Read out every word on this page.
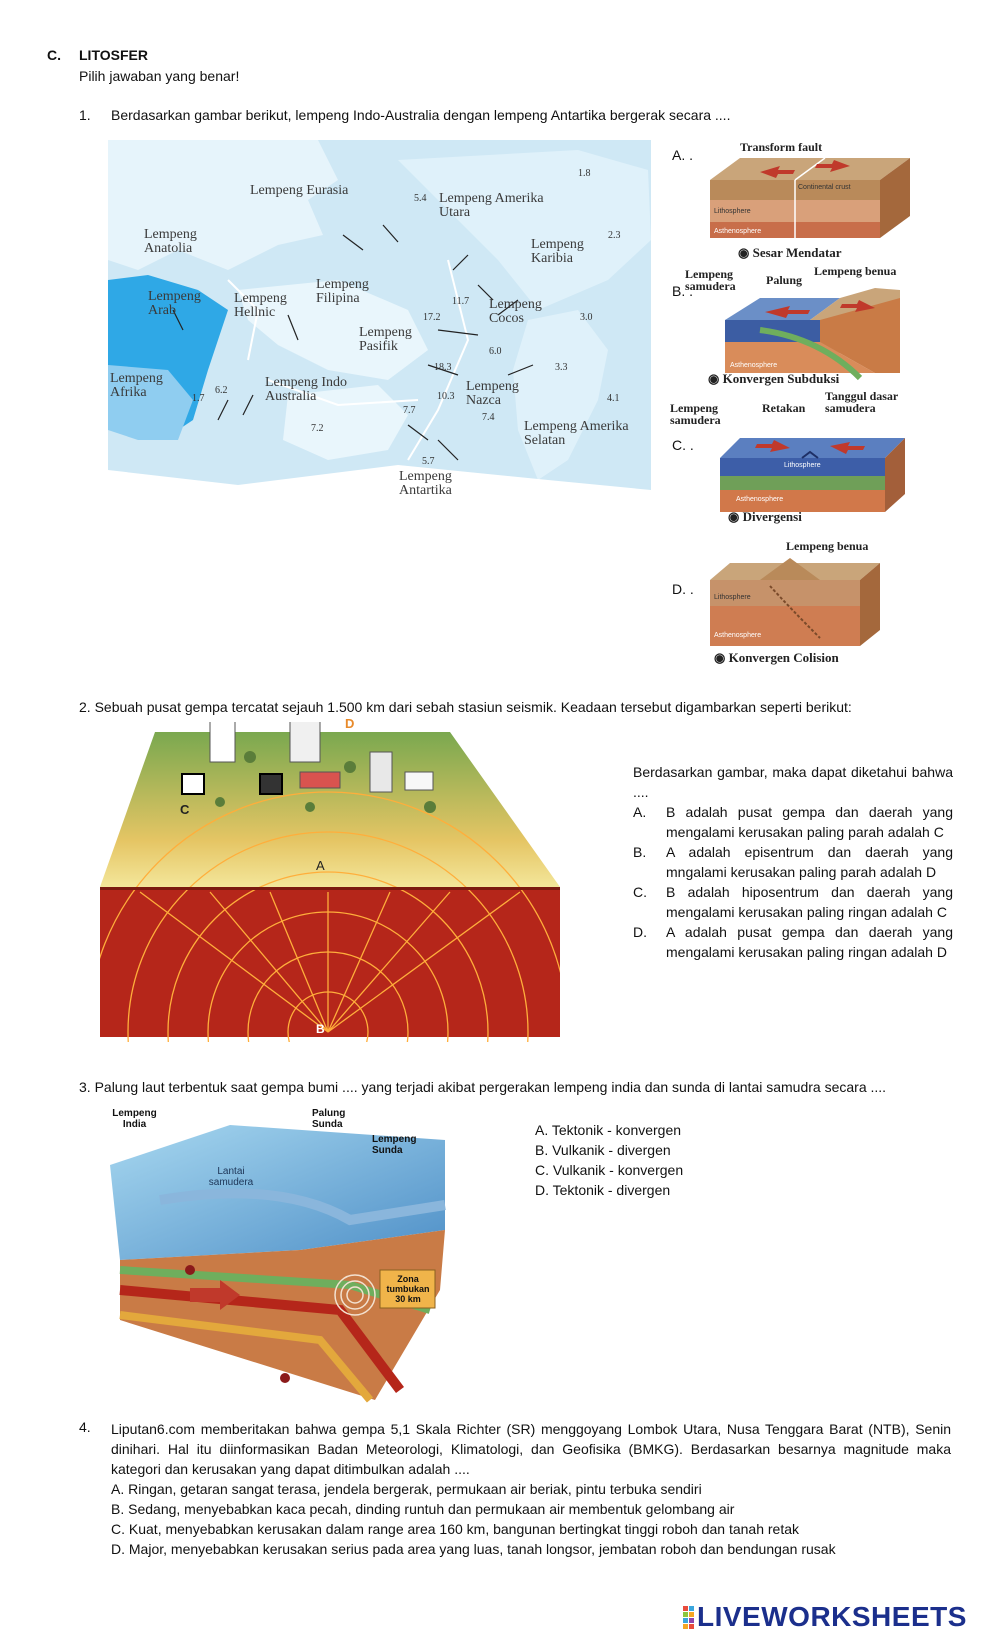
C. LITOSFER
Pilih jawaban yang benar!
1. Berdasarkan gambar berikut, lempeng Indo-Australia dengan lempeng Antartika bergerak secara ....
Lempeng Eurasia
Lempeng Anatolia
Lempeng Arab
Lempeng Hellnic
Lempeng Filipina
Lempeng Amerika Utara
Lempeng Karibia
Lempeng Cocos
Lempeng Pasifik
Lempeng Afrika
Lempeng Indo Australia
Lempeng Nazca
Lempeng Amerika Selatan
Lempeng Antartika
1.8
5.4
2.3
3.0
11.7
17.2
6.0
18.3	3.3
10.3	4.1
7.7
7.4
7.2
5.7
6.2
1.7
A. .	Transform fault
Continental crust
Lithosphere
Asthenosphere
◉ Sesar Mendatar
B. .
Lempeng samudera	Palung
Lempeng benua
Asthenosphere
◉ Konvergen Subduksi
C. .
Lempeng samudera
Retakan
Tanggul dasar samudera
Lithosphere
Asthenosphere
◉ Divergensi
D. .
Lempeng benua
Lithosphere
Asthenosphere
◉ Konvergen Colision
2. Sebuah pusat gempa tercatat sejauh 1.500 km dari sebah stasiun seismik. Keadaan tersebut digambarkan seperti berikut:
D
C
A
B
Berdasarkan gambar, maka dapat diketahui bahwa ....
A.	B adalah pusat gempa dan daerah yang mengalami kerusakan paling parah adalah C
B.	A adalah episentrum dan daerah yang mngalami kerusakan paling parah adalah D
C.	B adalah hiposentrum dan daerah yang mengalami kerusakan paling ringan adalah C
D.	A adalah pusat gempa dan daerah yang mengalami kerusakan paling ringan adalah D
3. Palung laut terbentuk saat gempa bumi .... yang terjadi akibat pergerakan lempeng india dan sunda di lantai samudra secara ....
Lempeng India
Palung Sunda
Lempeng Sunda
Lantai samudera
Zona tumbukan 30 km
A. Tektonik - konvergen
B. Vulkanik - divergen
C. Vulkanik - konvergen
D. Tektonik - divergen
4. Liputan6.com memberitakan bahwa gempa 5,1 Skala Richter (SR) menggoyang Lombok Utara, Nusa Tenggara Barat (NTB), Senin dinihari. Hal itu diinformasikan Badan Meteorologi, Klimatologi, dan Geofisika (BMKG). Berdasarkan besarnya magnitude maka kategori dan kerusakan yang dapat ditimbulkan adalah ....
A. Ringan, getaran sangat terasa, jendela bergerak, permukaan air beriak, pintu terbuka sendiri
B. Sedang, menyebabkan kaca pecah, dinding runtuh dan permukaan air membentuk gelombang air
C. Kuat, menyebabkan kerusakan dalam range area 160 km, bangunan bertingkat tinggi roboh dan tanah retak
D. Major, menyebabkan kerusakan serius pada area yang luas, tanah longsor, jembatan roboh dan bendungan rusak
LIVEWORKSHEETS
